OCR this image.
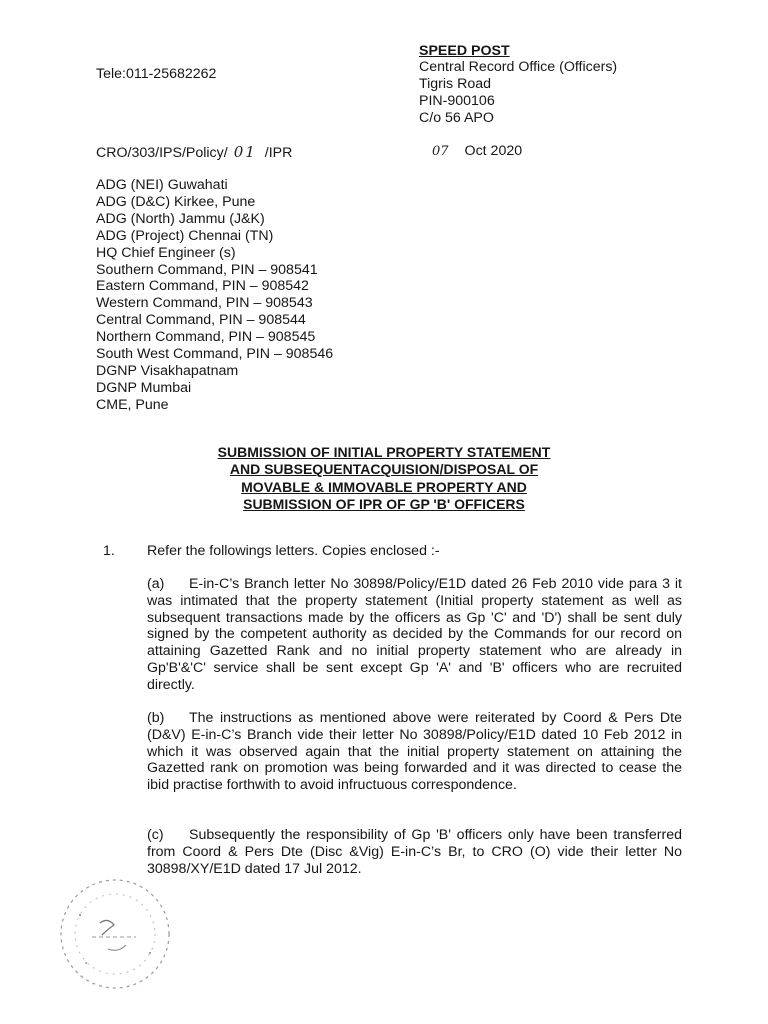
SPEED POST
Tele:011-25682262	Central Record Office (Officers)
Tigris Road
PIN-900106
C/o 56 APO
CRO/303/IPS/Policy/ 01 /IPR	07 Oct 2020
ADG (NEI) Guwahati
ADG (D&C) Kirkee, Pune
ADG (North) Jammu (J&K)
ADG (Project) Chennai (TN)
HQ Chief Engineer (s)
Southern Command, PIN – 908541
Eastern Command, PIN – 908542
Western Command, PIN – 908543
Central Command, PIN – 908544
Northern Command, PIN – 908545
South West Command, PIN – 908546
DGNP Visakhapatnam
DGNP Mumbai
CME, Pune
SUBMISSION OF INITIAL PROPERTY STATEMENT
AND SUBSEQUENTACQUISION/DISPOSAL OF
MOVABLE & IMMOVABLE PROPERTY AND
SUBMISSION OF IPR OF GP 'B' OFFICERS
1. Refer the followings letters. Copies enclosed :-
(a) E-in-C’s Branch letter No 30898/Policy/E1D dated 26 Feb 2010 vide para 3 it was intimated that the property statement (Initial property statement as well as subsequent transactions made by the officers as Gp 'C' and 'D') shall be sent duly signed by the competent authority as decided by the Commands for our record on attaining Gazetted Rank and no initial property statement who are already in Gp'B'&'C' service shall be sent except Gp 'A' and 'B' officers who are recruited directly.
(b) The instructions as mentioned above were reiterated by Coord & Pers Dte (D&V) E-in-C’s Branch vide their letter No 30898/Policy/E1D dated 10 Feb 2012 in which it was observed again that the initial property statement on attaining the Gazetted rank on promotion was being forwarded and it was directed to cease the ibid practise forthwith to avoid infructuous correspondence.
(c) Subsequently the responsibility of Gp 'B' officers only have been transferred from Coord & Pers Dte (Disc &Vig) E-in-C’s Br, to CRO (O) vide their letter No 30898/XY/E1D dated 17 Jul 2012.
